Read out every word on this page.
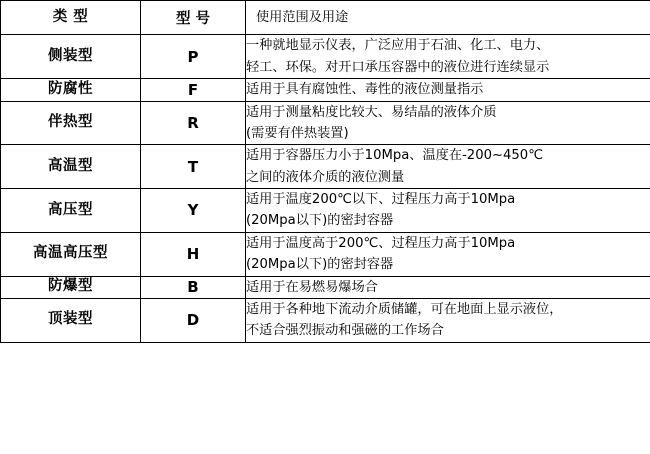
类 型	型 号	使用范围及用途
侧装型	P	一种就地显示仪表，广泛应用于石油、化工、电力、
轻工、环保。对开口承压容器中的液位进行连续显示

防腐性	F	适用于具有腐蚀性、毒性的液位测量指示

伴热型	R	适用于测量粘度比较大、易结晶的液体介质
(需要有伴热装置)

高温型	T	适用于容器压力小于10Mpa、温度在-200~450℃
之间的液体介质的液位测量

高压型	Y	适用于温度200℃以下、过程压力高于10Mpa
(20Mpa以下)的密封容器

高温高压型	H	适用于温度高于200℃、过程压力高于10Mpa
(20Mpa以下)的密封容器

防爆型	B	适用于在易燃易爆场合

顶装型	D	适用于各种地下流动介质储罐，可在地面上显示液位，
不适合强烈振动和强磁的工作场合
